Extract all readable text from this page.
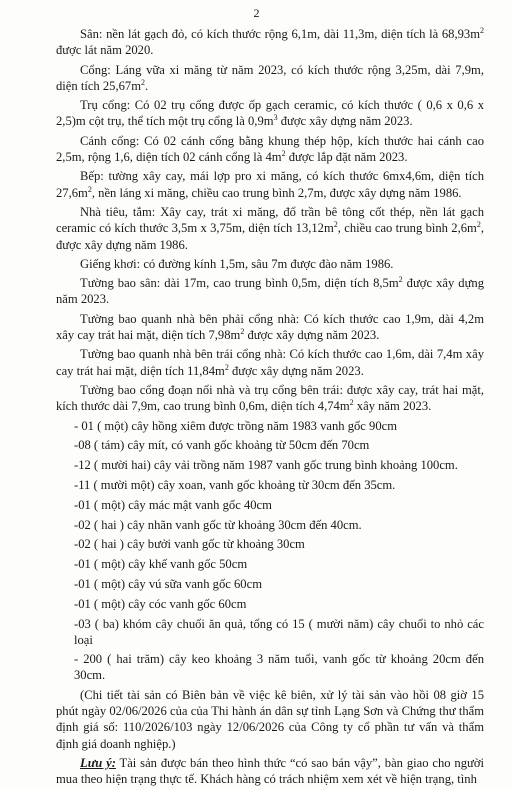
2

Sân: nền lát gạch đỏ, có kích thước rộng 6,1m, dài 11,3m, diện tích là $68,93m^2$ được lát năm 2020.

Cổng: Láng vữa xi măng từ năm 2023, có kích thước rộng 3,25m, dài 7,9m, diện tích $25,67m^2$.

Trụ cổng: Có 02 trụ cổng được ốp gạch ceramic, có kích thước ( 0,6 x 0,6 x 2,5)m cột trụ, thể tích một trụ cổng là $0,9m^3$ được xây dựng năm 2023.

Cánh cổng: Có 02 cánh cổng bằng khung thép hộp, kích thước hai cánh cao 2,5m, rộng 1,6, diện tích 02 cánh cổng là $4m^2$ được lắp đặt năm 2023.

Bếp: tường xây cay, mái lợp pro xi măng, có kích thước 6mx4,6m, diện tích $27,6m^2$, nền láng xi măng, chiều cao trung bình 2,7m, được xây dựng năm 1986.

Nhà tiêu, tắm: Xây cay, trát xi măng, đổ trần bê tông cốt thép, nền lát gạch ceramic có kích thước 3,5m x 3,75m, diện tích $13,12m^2$, chiều cao trung bình $2,6m^2$, được xây dựng năm 1986.

Giếng khơi: có đường kính 1,5m, sâu 7m được đào năm 1986.

Tường bao sân: dài 17m, cao trung bình 0,5m, diện tích $8,5m^2$ được xây dựng năm 2023.

Tường bao quanh nhà bên phải cổng nhà: Có kích thước cao 1,9m, dài 4,2m xây cay trát hai mặt, diện tích $7,98m^2$ được xây dựng năm 2023.

Tường bao quanh nhà bên trái cổng nhà: Có kích thước cao 1,6m, dài 7,4m xây cay trát hai mặt, diện tích $11,84m^2$ được xây dựng năm 2023.

Tường bao cổng đoạn nối nhà và trụ cổng bên trái: được xây cay, trát hai mặt, kích thước dài 7,9m, cao trung bình 0,6m, diện tích $4,74m^2$ xây năm 2023.

- 01 ( một) cây hồng xiêm được trồng năm 1983 vanh gốc 90cm

-08 ( tám) cây mít, có vanh gốc khoảng từ 50cm đến 70cm

-12 ( mười hai) cây vải trồng năm 1987 vanh gốc trung bình khoảng 100cm.

-11 ( mười một) cây xoan, vanh gốc khoảng từ 30cm đến 35cm.

-01 ( một) cây mác mật vanh gốc 40cm

-02 ( hai ) cây nhãn vanh gốc từ khoảng 30cm đến 40cm.

-02 ( hai ) cây bưởi vanh gốc từ khoảng 30cm

-01 ( một) cây khế vanh gốc 50cm

-01 ( một) cây vú sữa vanh gốc 60cm

-01 ( một) cây cóc vanh gốc 60cm

-03 ( ba) khóm cây chuối ăn quả, tổng có 15 ( mười năm) cây chuối to nhỏ các loại

- 200 ( hai trăm) cây keo khoảng 3 năm tuổi, vanh gốc từ khoảng 20cm đến 30cm.

(Chi tiết tài sản có Biên bản về việc kê biên, xử lý tài sản vào hồi 08 giờ 15 phút ngày 02/06/2026 của của Thi hành án dân sự tỉnh Lạng Sơn và Chứng thư thẩm định giá số: 110/2026/103 ngày 12/06/2026 của Công ty cổ phần tư vấn và thẩm định giá doanh nghiệp.)

Lưu ý: Tài sản được bán theo hình thức “có sao bán vậy”, bàn giao cho người mua theo hiện trạng thực tế. Khách hàng có trách nhiệm xem xét về hiện trạng, tình
